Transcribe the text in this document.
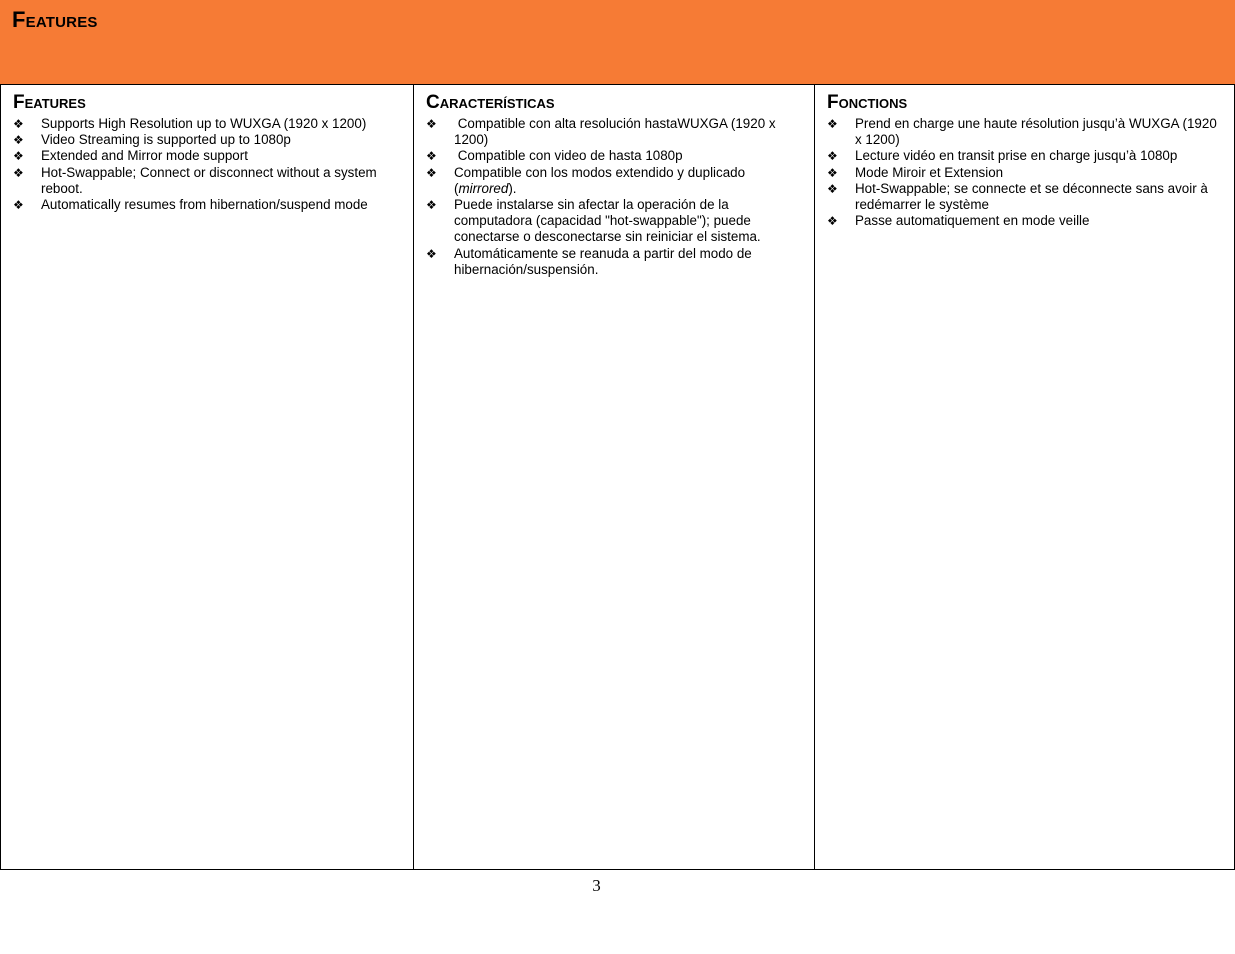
Features
Features
❖ Supports High Resolution up to WUXGA (1920 x 1200)
❖ Video Streaming is supported up to 1080p
❖ Extended and Mirror mode support
❖ Hot-Swappable; Connect or disconnect without a system reboot.
❖ Automatically resumes from hibernation/suspend mode
Características
❖ Compatible con alta resolución hastaWUXGA (1920 x 1200)
❖ Compatible con video de hasta 1080p
❖ Compatible con los modos extendido y duplicado (mirrored).
❖ Puede instalarse sin afectar la operación de la computadora (capacidad "hot-swappable"); puede conectarse o desconectarse sin reiniciar el sistema.
❖ Automáticamente se reanuda a partir del modo de hibernación/suspensión.
Fonctions
❖ Prend en charge une haute résolution jusqu’à WUXGA (1920 x 1200)
❖ Lecture vidéo en transit prise en charge jusqu’à 1080p
❖ Mode Miroir et Extension
❖ Hot-Swappable; se connecte et se déconnecte sans avoir à redémarrer le système
❖ Passe automatiquement en mode veille
3
